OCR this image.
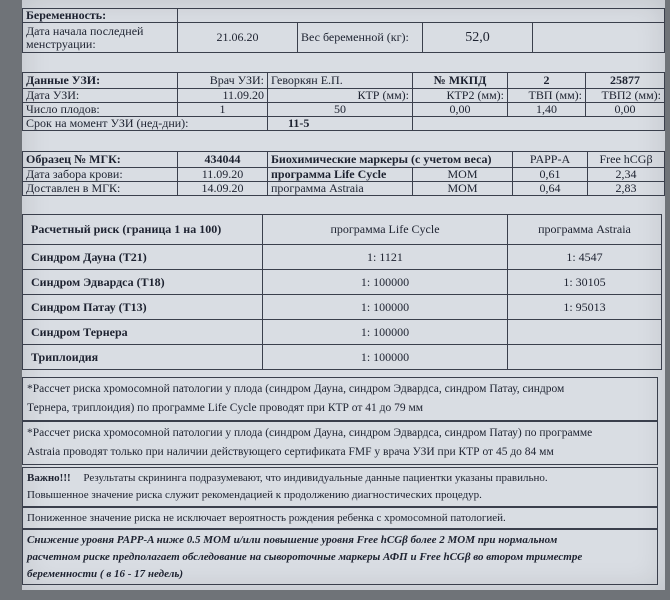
Беременность:				
Дата начала последней менструации:	21.06.20	Вес беременной (кг):	52,0	
Данные УЗИ:	Врач УЗИ:	Геворкян Е.П.	№ МКПД	2	25877
Дата УЗИ:	11.09.20	КТР (мм):	КТР2 (мм):	ТВП (мм):	ТВП2 (мм):
Число плодов:	1	50	0,00	1,40	0,00
Срок на момент УЗИ (нед-дни):		11-5			
Образец № МГК:	434044	Биохимические маркеры (с учетом веса)		PAPP-A	Free hCGβ
Дата забора крови:	11.09.20	программа Life Cycle	МОМ	0,61	2,34
Доставлен в МГК:	14.09.20	программа Astraia	МОМ	0,64	2,83
Расчетный риск (граница 1 на 100)	программа Life Cycle	программа Astraia
Синдром Дауна (T21)	1: 1121	1: 4547
Синдром Эдвардса (T18)	1: 100000	1: 30105
Синдром Патау (T13)	1: 100000	1: 95013
Синдром Тернера	1: 100000	
Триплоидия	1: 100000	
*Рассчет риска хромосомной патологии у плода (синдром Дауна, синдром Эдвардса, синдром Патау, синдром
Тернера, триплоидия) по программе Life Cycle проводят при КТР от 41 до 79 мм
*Рассчет риска хромосомной патологии у плода (синдром Дауна, синдром Эдвардса, синдром Патау) по программе
Astraia проводят только при наличии действующего сертификата FMF у врача УЗИ при КТР от 45 до 84 мм
Важно!!! Результаты скрининга подразумевают, что индивидуальные данные пациентки указаны правильно.
Повышенное значение риска служит рекомендацией к продолжению диагностических процедур.
Пониженное значение риска не исключает вероятность рождения ребенка с хромосомной патологией.
Снижение уровня PAPP-A ниже 0.5 МОМ и/или повышение уровня Free hCGβ более 2 МОМ при нормальном
расчетном риске предполагает обследование на сывороточные маркеры АФП и Free hCGβ во втором триместре
беременности ( в 16 - 17 недель)
